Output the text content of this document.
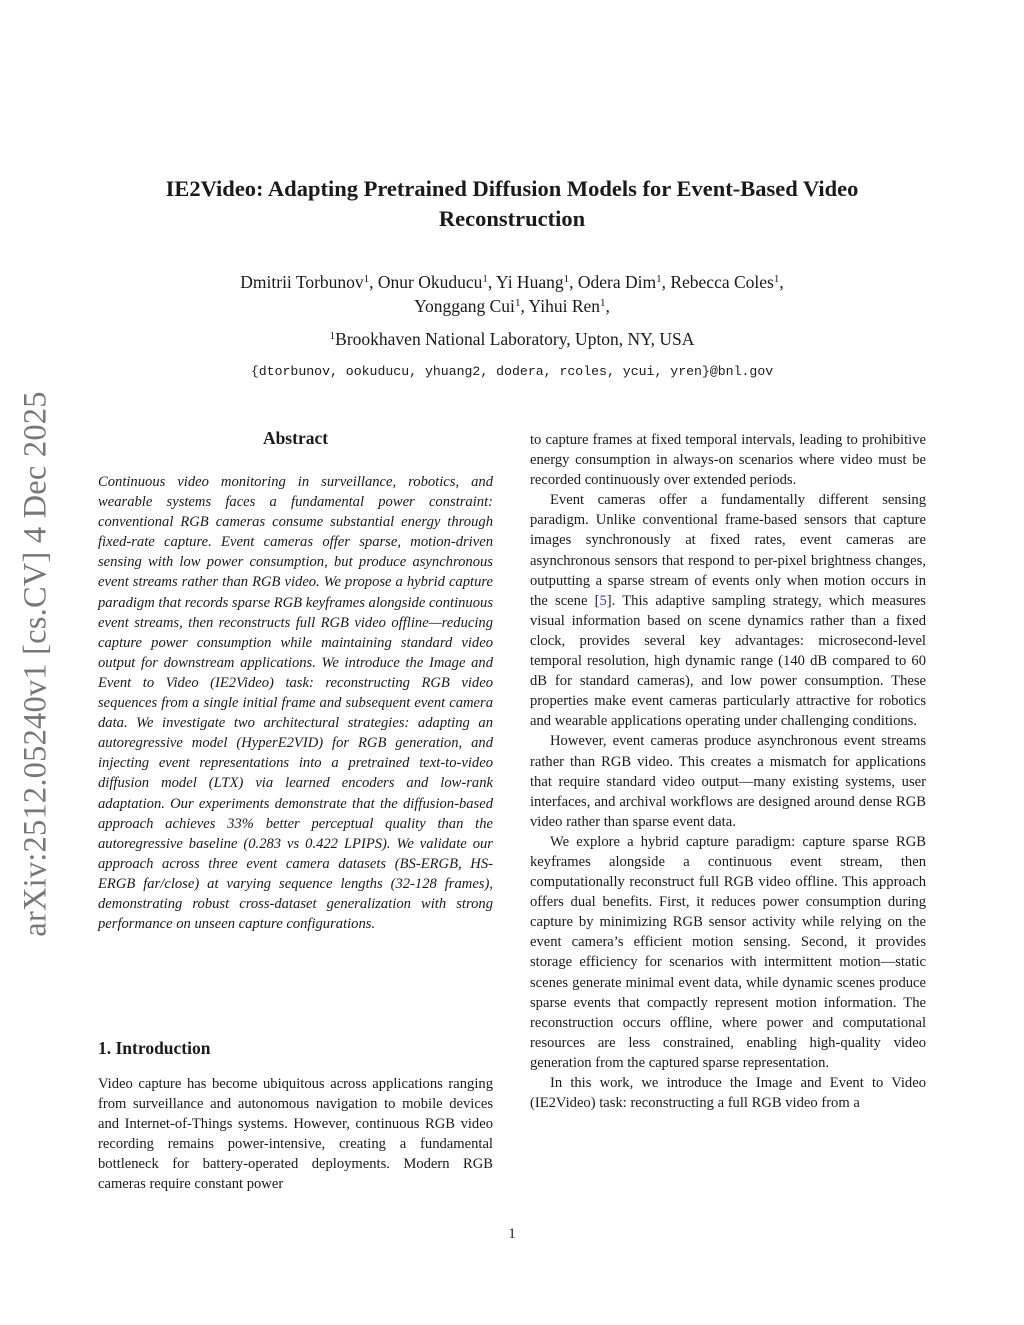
arXiv:2512.05240v1 [cs.CV] 4 Dec 2025
IE2Video: Adapting Pretrained Diffusion Models for Event-Based Video Reconstruction
Dmitrii Torbunov$^1$, Onur Okuducu$^1$, Yi Huang$^1$, Odera Dim$^1$, Rebecca Coles$^1$,
Yonggang Cui$^1$, Yihui Ren$^1$,
$^1$Brookhaven National Laboratory, Upton, NY, USA
{dtorbunov, ookuducu, yhuang2, dodera, rcoles, ycui, yren}@bnl.gov
Abstract

Continuous video monitoring in surveillance, robotics, and wearable systems faces a fundamental power constraint: conventional RGB cameras consume substantial energy through fixed-rate capture. Event cameras offer sparse, motion-driven sensing with low power consumption, but produce asynchronous event streams rather than RGB video. We propose a hybrid capture paradigm that records sparse RGB keyframes alongside continuous event streams, then reconstructs full RGB video offline—reducing capture power consumption while maintaining standard video output for downstream applications. We introduce the Image and Event to Video (IE2Video) task: reconstructing RGB video sequences from a single initial frame and subsequent event camera data. We investigate two architectural strategies: adapting an autoregressive model (HyperE2VID) for RGB generation, and injecting event representations into a pretrained text-to-video diffusion model (LTX) via learned encoders and low-rank adaptation. Our experiments demonstrate that the diffusion-based approach achieves 33% better perceptual quality than the autoregressive baseline (0.283 vs 0.422 LPIPS). We validate our approach across three event camera datasets (BS-ERGB, HS-ERGB far/close) at varying sequence lengths (32-128 frames), demonstrating robust cross-dataset generalization with strong performance on unseen capture configurations.

1. Introduction

Video capture has become ubiquitous across applications ranging from surveillance and autonomous navigation to mobile devices and Internet-of-Things systems. However, continuous RGB video recording remains power-intensive, creating a fundamental bottleneck for battery-operated deployments. Modern RGB cameras require constant power

to capture frames at fixed temporal intervals, leading to prohibitive energy consumption in always-on scenarios where video must be recorded continuously over extended periods.

Event cameras offer a fundamentally different sensing paradigm. Unlike conventional frame-based sensors that capture images synchronously at fixed rates, event cameras are asynchronous sensors that respond to per-pixel brightness changes, outputting a sparse stream of events only when motion occurs in the scene [5]. This adaptive sampling strategy, which measures visual information based on scene dynamics rather than a fixed clock, provides several key advantages: microsecond-level temporal resolution, high dynamic range (140 dB compared to 60 dB for standard cameras), and low power consumption. These properties make event cameras particularly attractive for robotics and wearable applications operating under challenging conditions.

However, event cameras produce asynchronous event streams rather than RGB video. This creates a mismatch for applications that require standard video output—many existing systems, user interfaces, and archival workflows are designed around dense RGB video rather than sparse event data.

We explore a hybrid capture paradigm: capture sparse RGB keyframes alongside a continuous event stream, then computationally reconstruct full RGB video offline. This approach offers dual benefits. First, it reduces power consumption during capture by minimizing RGB sensor activity while relying on the event camera’s efficient motion sensing. Second, it provides storage efficiency for scenarios with intermittent motion—static scenes generate minimal event data, while dynamic scenes produce sparse events that compactly represent motion information. The reconstruction occurs offline, where power and computational resources are less constrained, enabling high-quality video generation from the captured sparse representation.

In this work, we introduce the Image and Event to Video (IE2Video) task: reconstructing a full RGB video from a

1
